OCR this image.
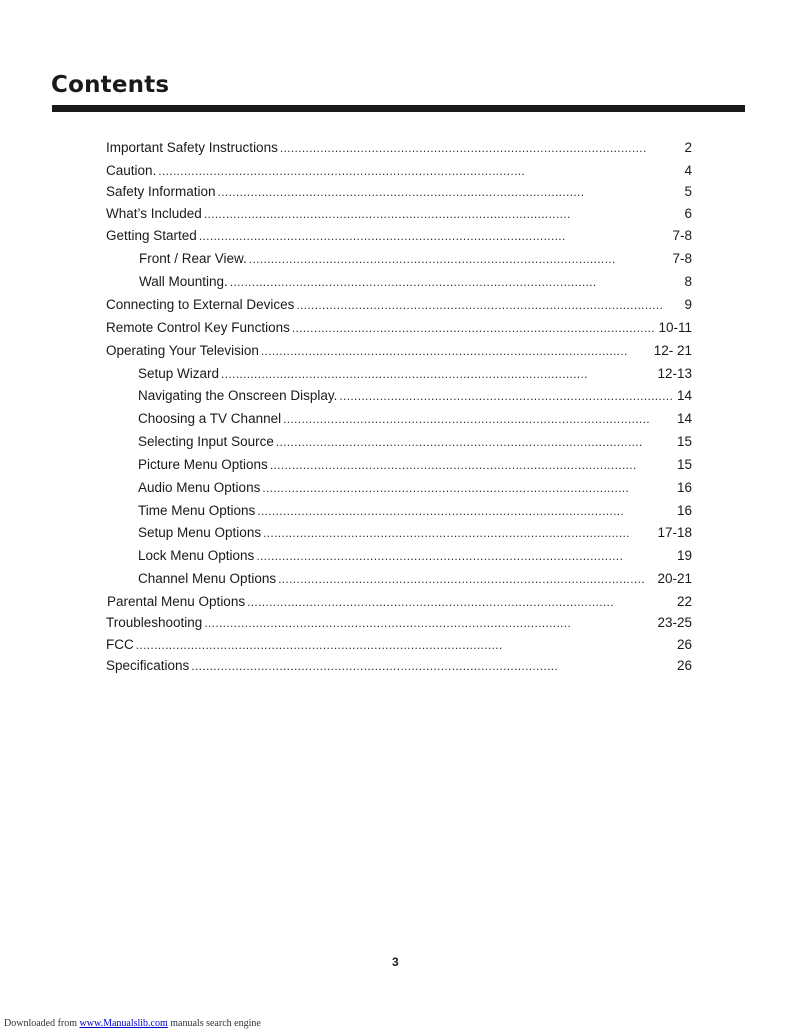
Contents
Important Safety Instructions . . .	2
Caution. . . .	4
Safety Information . . .	5
What’s Included . . .	6
Getting Started . . .	7-8
Front / Rear View. . . .	7-8
Wall Mounting. . . .	8
Connecting to External Devices . . .	9
Remote Control Key Functions . . .	10-11
Operating Your Television . . .	12- 21
Setup Wizard . . .	12-13
Navigating the Onscreen Display. . . .	14
Choosing a TV Channel . . .	14
Selecting Input Source . . .	15
Picture Menu Options . . .	15
Audio Menu Options . . .	16
Time Menu Options . . .	16
Setup Menu Options . . .	17-18
Lock Menu Options . . .	19
Channel Menu Options . . .	20-21
Parental Menu Options . . .	22
Troubleshooting . . .	23-25
FCC . . .	26
Specifications . . .	26
3
Downloaded from www.Manualslib.com manuals search engine
